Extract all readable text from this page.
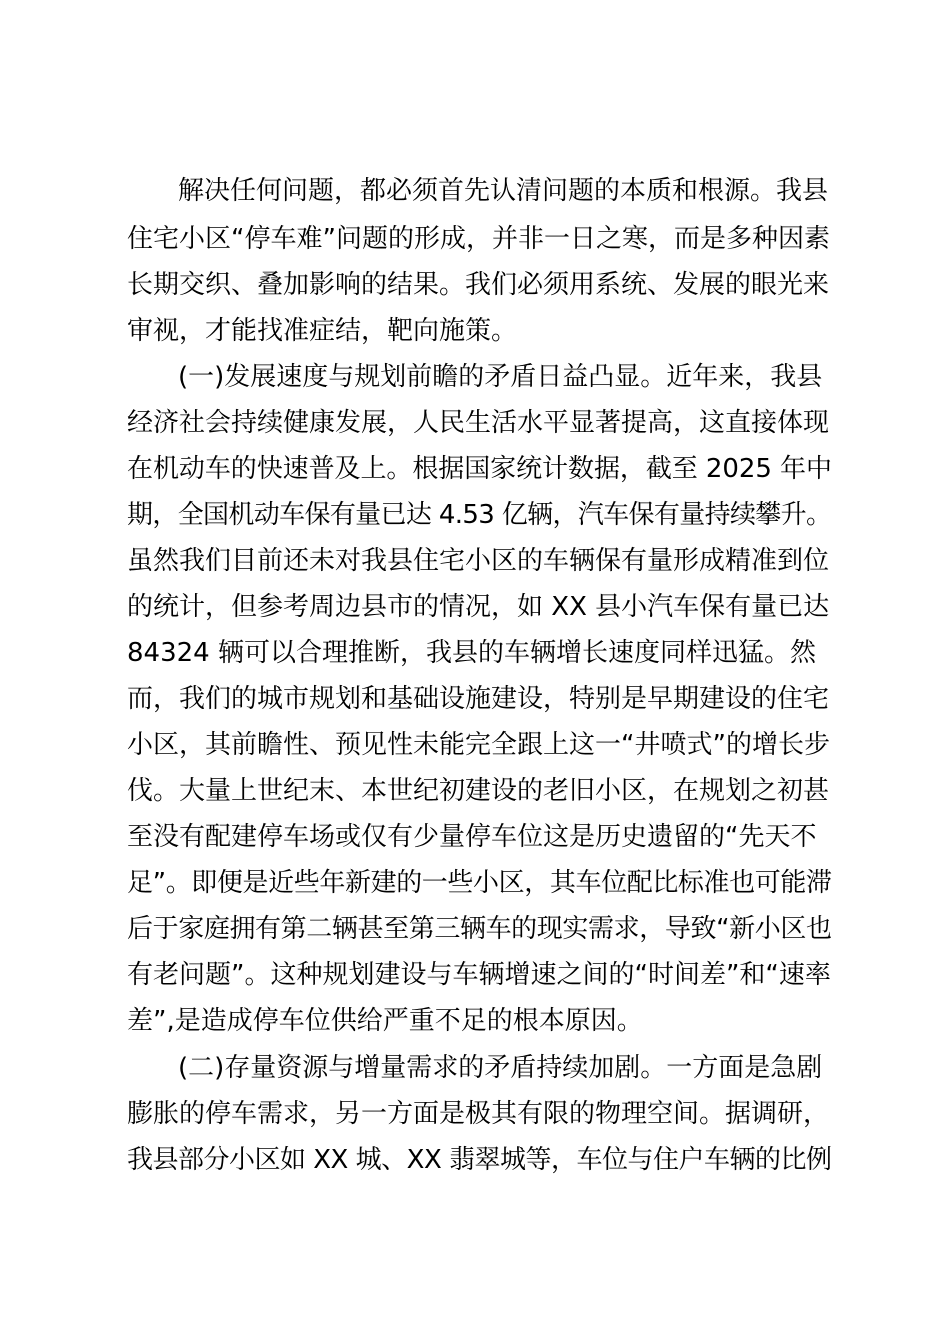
解决任何问题，都必须首先认清问题的本质和根源。我县

住宅小区“停车难”问题的形成，并非一日之寒，而是多种因素

长期交织、叠加影响的结果。我们必须用系统、发展的眼光来

审视，才能找准症结，靶向施策。

(一)发展速度与规划前瞻的矛盾日益凸显。近年来，我县

经济社会持续健康发展，人民生活水平显著提高，这直接体现

在机动车的快速普及上。根据国家统计数据，截至 2025 年中

期，全国机动车保有量已达 4.53 亿辆，汽车保有量持续攀升。

虽然我们目前还未对我县住宅小区的车辆保有量形成精准到位

的统计，但参考周边县市的情况，如 XX 县小汽车保有量已达

84324 辆可以合理推断，我县的车辆增长速度同样迅猛。然

而，我们的城市规划和基础设施建设，特别是早期建设的住宅

小区，其前瞻性、预见性未能完全跟上这一“井喷式”的增长步

伐。大量上世纪末、本世纪初建设的老旧小区，在规划之初甚

至没有配建停车场或仅有少量停车位这是历史遗留的“先天不

足”。即便是近些年新建的一些小区，其车位配比标准也可能滞

后于家庭拥有第二辆甚至第三辆车的现实需求，导致“新小区也

有老问题”。这种规划建设与车辆增速之间的“时间差”和“速率

差”,是造成停车位供给严重不足的根本原因。

(二)存量资源与增量需求的矛盾持续加剧。一方面是急剧

膨胀的停车需求，另一方面是极其有限的物理空间。据调研，

我县部分小区如 XX 城、XX 翡翠城等，车位与住户车辆的比例
